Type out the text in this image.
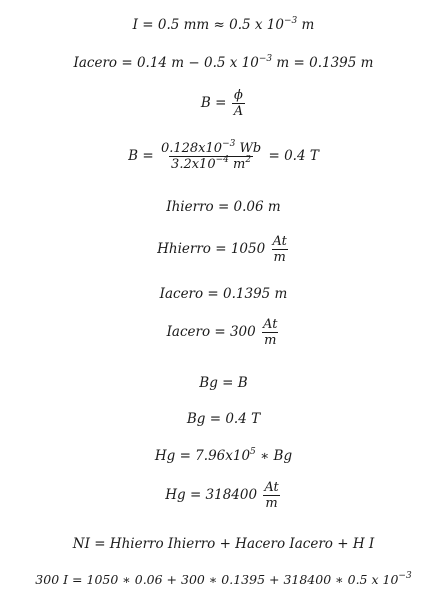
I = 0.5 mm ≈ 0.5 x $10^{-3}$ m
Iacero = 0.14 m − 0.5 x $10^{-3}$ m = 0.1395 m
$B = \frac{\phi}{A}$
$B = \frac{0.128x10^{-3} Wb}{3.2x10^{-4} m^2} = 0.4$ T
Ihierro = 0.06 m
Hhierro = $1050 \frac{At}{m}$
Iacero = 0.1395 m
Iacero = $300 \frac{At}{m}$
Bg = B
Bg = 0.4 T
$Hg = 7.96x10^5$ ∗ Bg
$Hg = 318400 \frac{At}{m}$
NI = Hhierro Ihierro + Hacero Iacero + H I
300 I = 1050 ∗ 0.06 + 300 ∗ 0.1395 + 318400 ∗ 0.5 x $10^{-3}$
